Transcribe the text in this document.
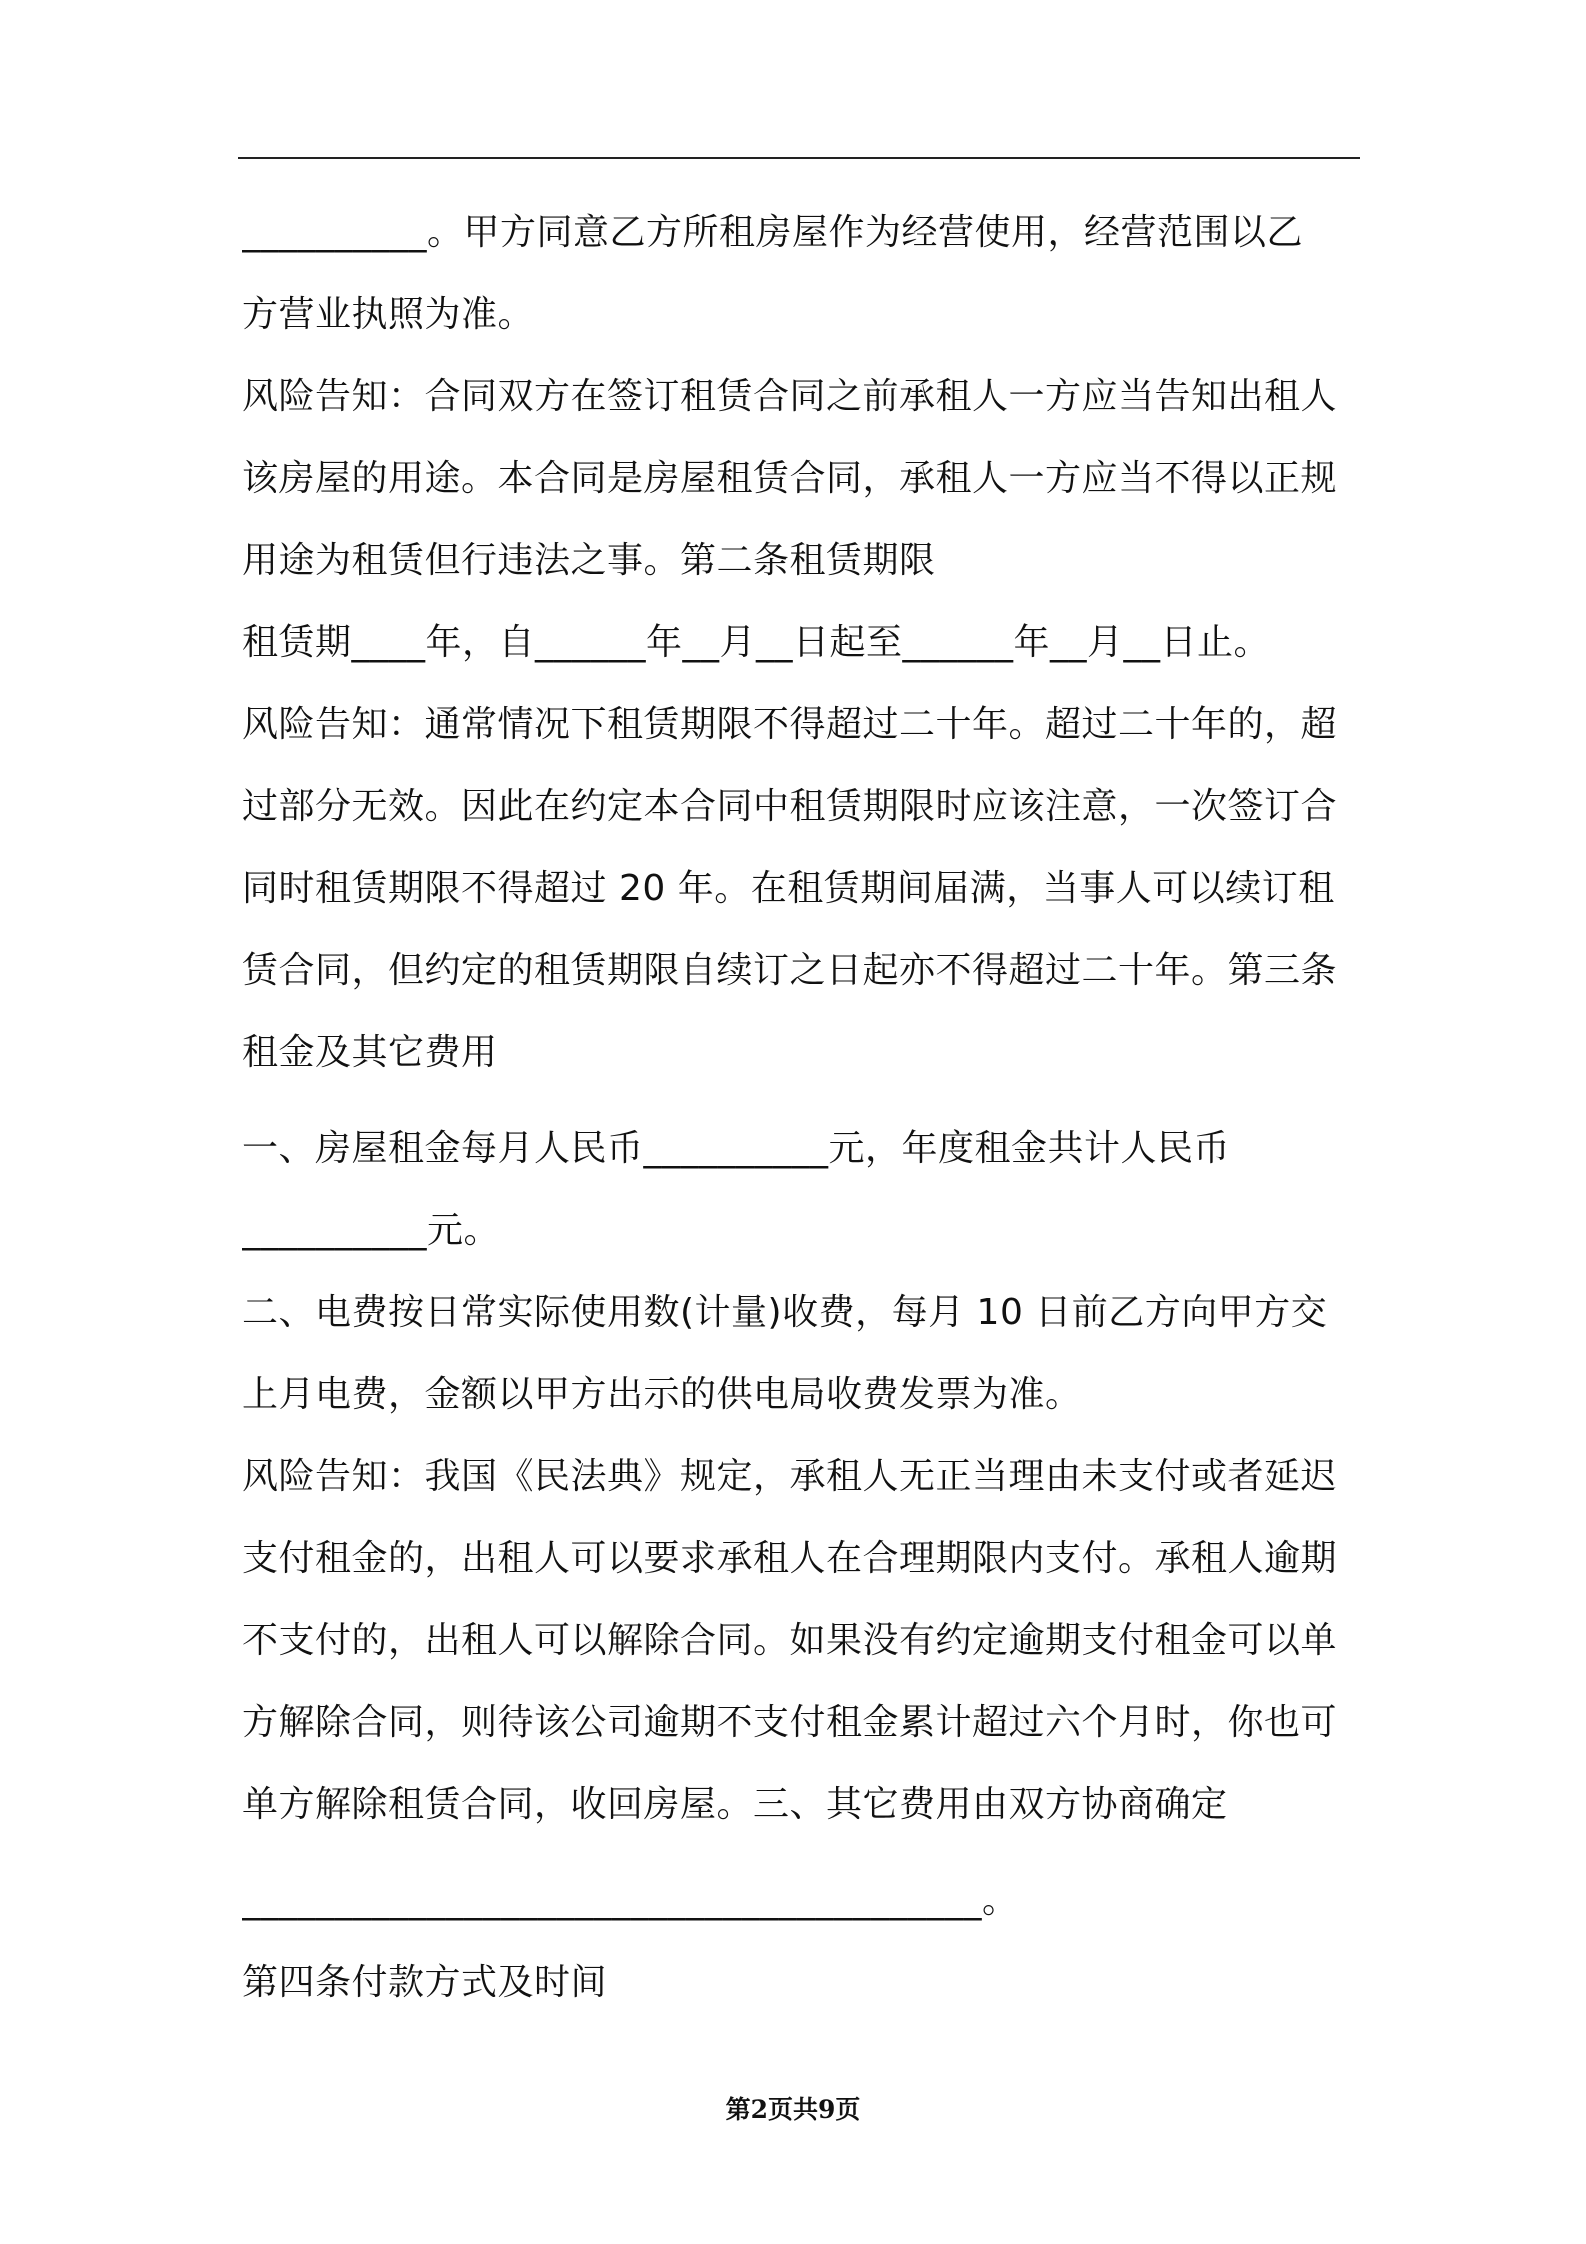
__________。甲方同意乙方所租房屋作为经营使用，经营范围以乙
方营业执照为准。
风险告知：合同双方在签订租赁合同之前承租人一方应当告知出租人
该房屋的用途。本合同是房屋租赁合同，承租人一方应当不得以正规
用途为租赁但行违法之事。第二条租赁期限
租赁期____年，自______年__月__日起至______年__月__日止。
风险告知：通常情况下租赁期限不得超过二十年。超过二十年的，超
过部分无效。因此在约定本合同中租赁期限时应该注意，一次签订合
同时租赁期限不得超过 20 年。在租赁期间届满，当事人可以续订租
赁合同，但约定的租赁期限自续订之日起亦不得超过二十年。第三条
租金及其它费用
一、房屋租金每月人民币__________元，年度租金共计人民币
__________元。
二、电费按日常实际使用数(计量)收费，每月 10 日前乙方向甲方交
上月电费，金额以甲方出示的供电局收费发票为准。
风险告知：我国《民法典》规定，承租人无正当理由未支付或者延迟
支付租金的，出租人可以要求承租人在合理期限内支付。承租人逾期
不支付的，出租人可以解除合同。如果没有约定逾期支付租金可以单
方解除合同，则待该公司逾期不支付租金累计超过六个月时，你也可
单方解除租赁合同，收回房屋。三、其它费用由双方协商确定
________________________________________。
第四条付款方式及时间
第2页共9页
